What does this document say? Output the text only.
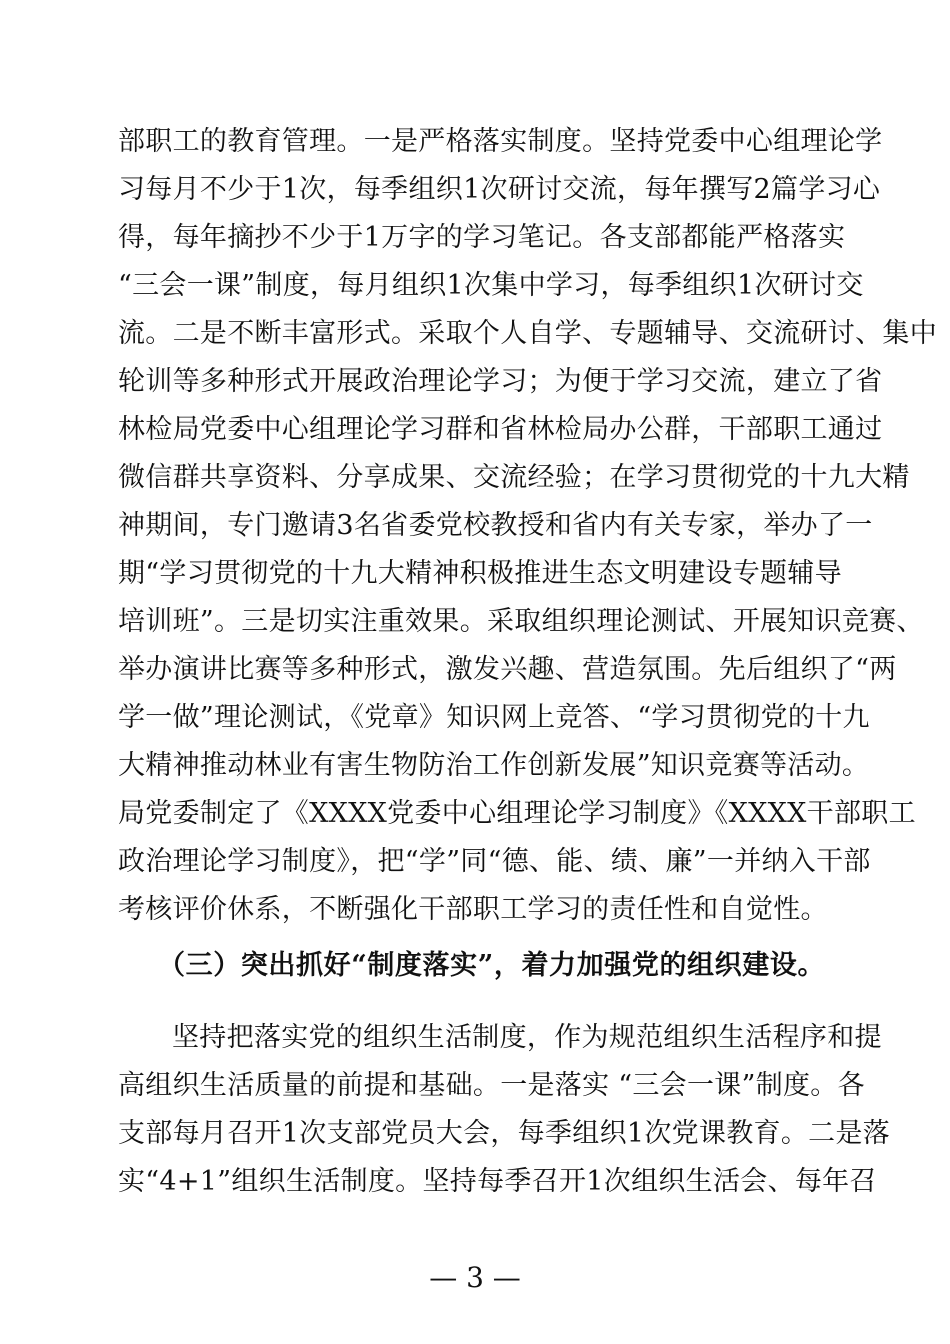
部职工的教育管理。一是严格落实制度。坚持党委中心组理论学
习每月不少于1次，每季组织1次研讨交流，每年撰写2篇学习心
得，每年摘抄不少于1万字的学习笔记。各支部都能严格落实
“三会一课”制度，每月组织1次集中学习，每季组织1次研讨交
流。二是不断丰富形式。采取个人自学、专题辅导、交流研讨、集中
轮训等多种形式开展政治理论学习；为便于学习交流，建立了省
林检局党委中心组理论学习群和省林检局办公群，干部职工通过
微信群共享资料、分享成果、交流经验；在学习贯彻党的十九大精
神期间，专门邀请3名省委党校教授和省内有关专家，举办了一
期“学习贯彻党的十九大精神积极推进生态文明建设专题辅导
培训班”。三是切实注重效果。采取组织理论测试、开展知识竞赛、
举办演讲比赛等多种形式，激发兴趣、营造氛围。先后组织了“两
学一做”理论测试，《党章》知识网上竞答、“学习贯彻党的十九
大精神推动林业有害生物防治工作创新发展”知识竞赛等活动。
局党委制定了《XXXX党委中心组理论学习制度》《XXXX干部职工
政治理论学习制度》，把“学”同“德、能、绩、廉”一并纳入干部
考核评价休系，不断强化干部职工学习的责任性和自觉性。
（三）突出抓好“制度落实”，着力加强党的组织建设。
坚持把落实党的组织生活制度，作为规范组织生活程序和提
高组织生活质量的前提和基础。一是落实 “三会一课”制度。各
支部每月召开1次支部党员大会，每季组织1次党课教育。二是落
实“4+1”组织生活制度。坚持每季召开1次组织生活会、每年召
— 3 —
